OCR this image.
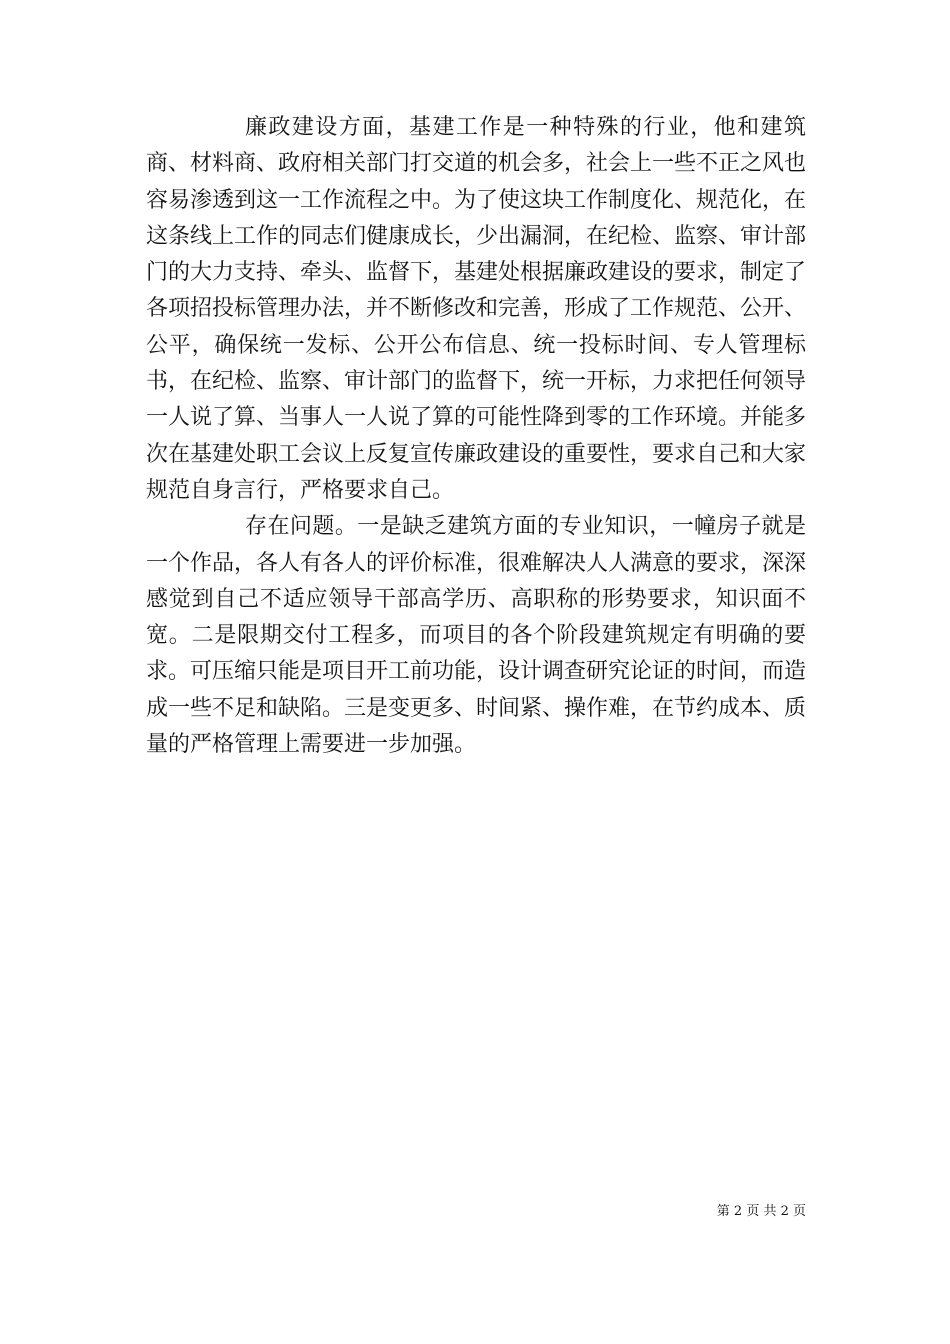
廉政建设方面，基建工作是一种特殊的行业，他和建筑商、材料商、政府相关部门打交道的机会多，社会上一些不正之风也容易渗透到这一工作流程之中。为了使这块工作制度化、规范化，在这条线上工作的同志们健康成长，少出漏洞，在纪检、监察、审计部门的大力支持、牵头、监督下，基建处根据廉政建设的要求，制定了各项招投标管理办法，并不断修改和完善，形成了工作规范、公开、公平，确保统一发标、公开公布信息、统一投标时间、专人管理标书，在纪检、监察、审计部门的监督下，统一开标，力求把任何领导一人说了算、当事人一人说了算的可能性降到零的工作环境。并能多次在基建处职工会议上反复宣传廉政建设的重要性，要求自己和大家规范自身言行，严格要求自己。

存在问题。一是缺乏建筑方面的专业知识，一幢房子就是一个作品，各人有各人的评价标准，很难解决人人满意的要求，深深感觉到自己不适应领导干部高学历、高职称的形势要求，知识面不宽。二是限期交付工程多，而项目的各个阶段建筑规定有明确的要求。可压缩只能是项目开工前功能，设计调查研究论证的时间，而造成一些不足和缺陷。三是变更多、时间紧、操作难，在节约成本、质量的严格管理上需要进一步加强。

第 2 页 共 2 页
